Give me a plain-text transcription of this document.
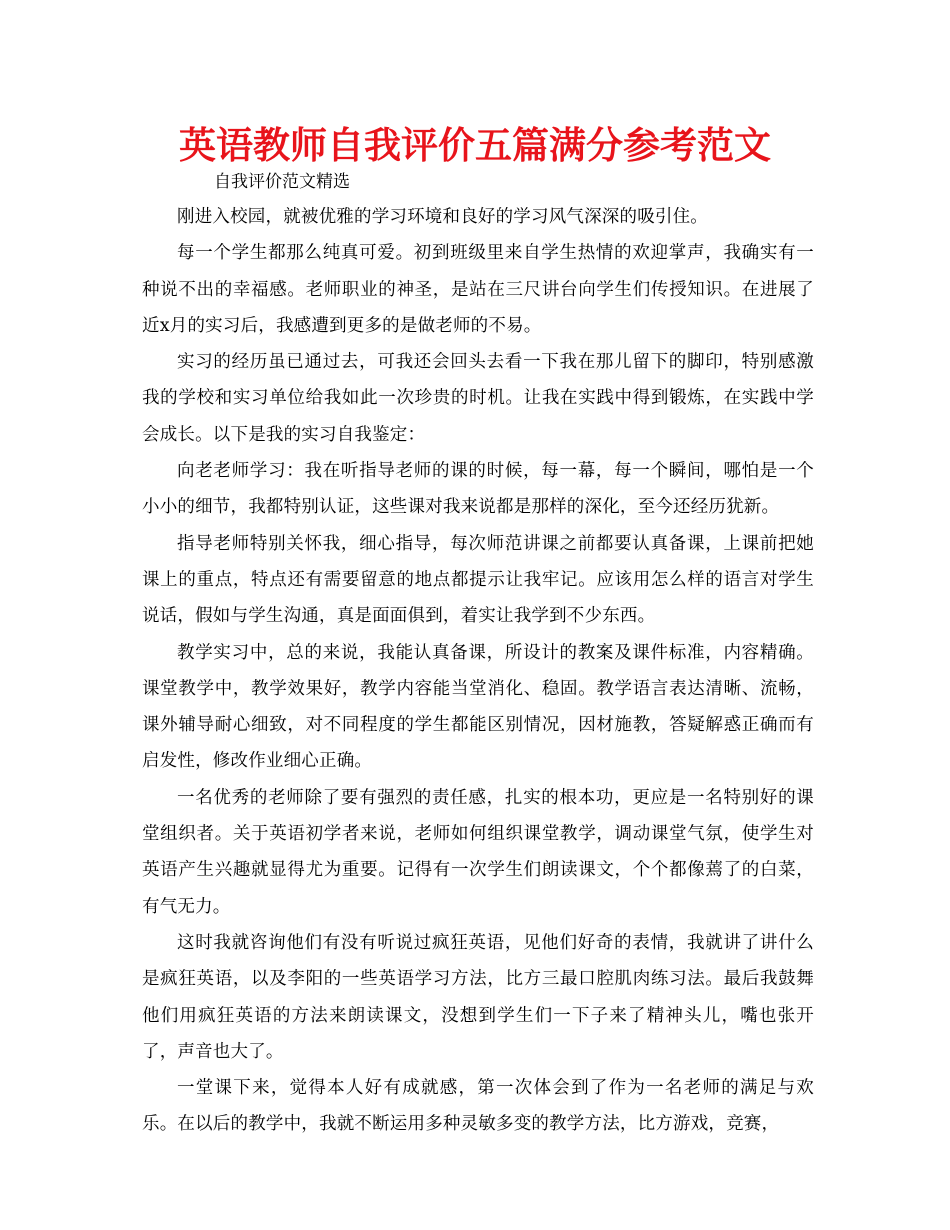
英语教师自我评价五篇满分参考范文
自我评价范文精选

刚进入校园，就被优雅的学习环境和良好的学习风气深深的吸引住。

每一个学生都那么纯真可爱。初到班级里来自学生热情的欢迎掌声，我确实有一种说不出的幸福感。老师职业的神圣，是站在三尺讲台向学生们传授知识。在进展了近x月的实习后，我感遭到更多的是做老师的不易。

实习的经历虽已通过去，可我还会回头去看一下我在那儿留下的脚印，特别感激我的学校和实习单位给我如此一次珍贵的时机。让我在实践中得到锻炼，在实践中学会成长。以下是我的实习自我鉴定：

向老老师学习：我在听指导老师的课的时候，每一幕，每一个瞬间，哪怕是一个小小的细节，我都特别认证，这些课对我来说都是那样的深化，至今还经历犹新。

指导老师特别关怀我，细心指导，每次师范讲课之前都要认真备课，上课前把她课上的重点，特点还有需要留意的地点都提示让我牢记。应该用怎么样的语言对学生说话，假如与学生沟通，真是面面俱到，着实让我学到不少东西。

教学实习中，总的来说，我能认真备课，所设计的教案及课件标准，内容精确。课堂教学中，教学效果好，教学内容能当堂消化、稳固。教学语言表达清晰、流畅，课外辅导耐心细致，对不同程度的学生都能区别情况，因材施教，答疑解惑正确而有启发性，修改作业细心正确。

一名优秀的老师除了要有强烈的责任感，扎实的根本功，更应是一名特别好的课堂组织者。关于英语初学者来说，老师如何组织课堂教学，调动课堂气氛，使学生对英语产生兴趣就显得尤为重要。记得有一次学生们朗读课文，个个都像蔫了的白菜，有气无力。

这时我就咨询他们有没有听说过疯狂英语，见他们好奇的表情，我就讲了讲什么是疯狂英语，以及李阳的一些英语学习方法，比方三最口腔肌肉练习法。最后我鼓舞他们用疯狂英语的方法来朗读课文，没想到学生们一下子来了精神头儿，嘴也张开了，声音也大了。

一堂课下来，觉得本人好有成就感，第一次体会到了作为一名老师的满足与欢乐。在以后的教学中，我就不断运用多种灵敏多变的教学方法，比方游戏，竞赛，
